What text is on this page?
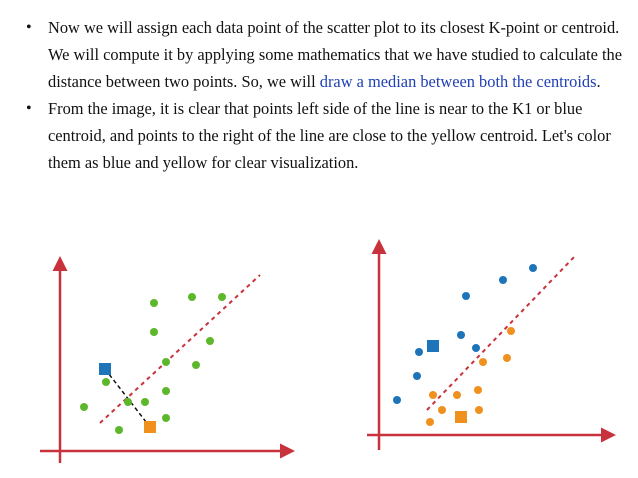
• Now we will assign each data point of the scatter plot to its closest K-point or centroid. We will compute it by applying some mathematics that we have studied to calculate the distance between two points. So, we will draw a median between both the centroids.
• From the image, it is clear that points left side of the line is near to the K1 or blue centroid, and points to the right of the line are close to the yellow centroid. Let's color them as blue and yellow for clear visualization.
